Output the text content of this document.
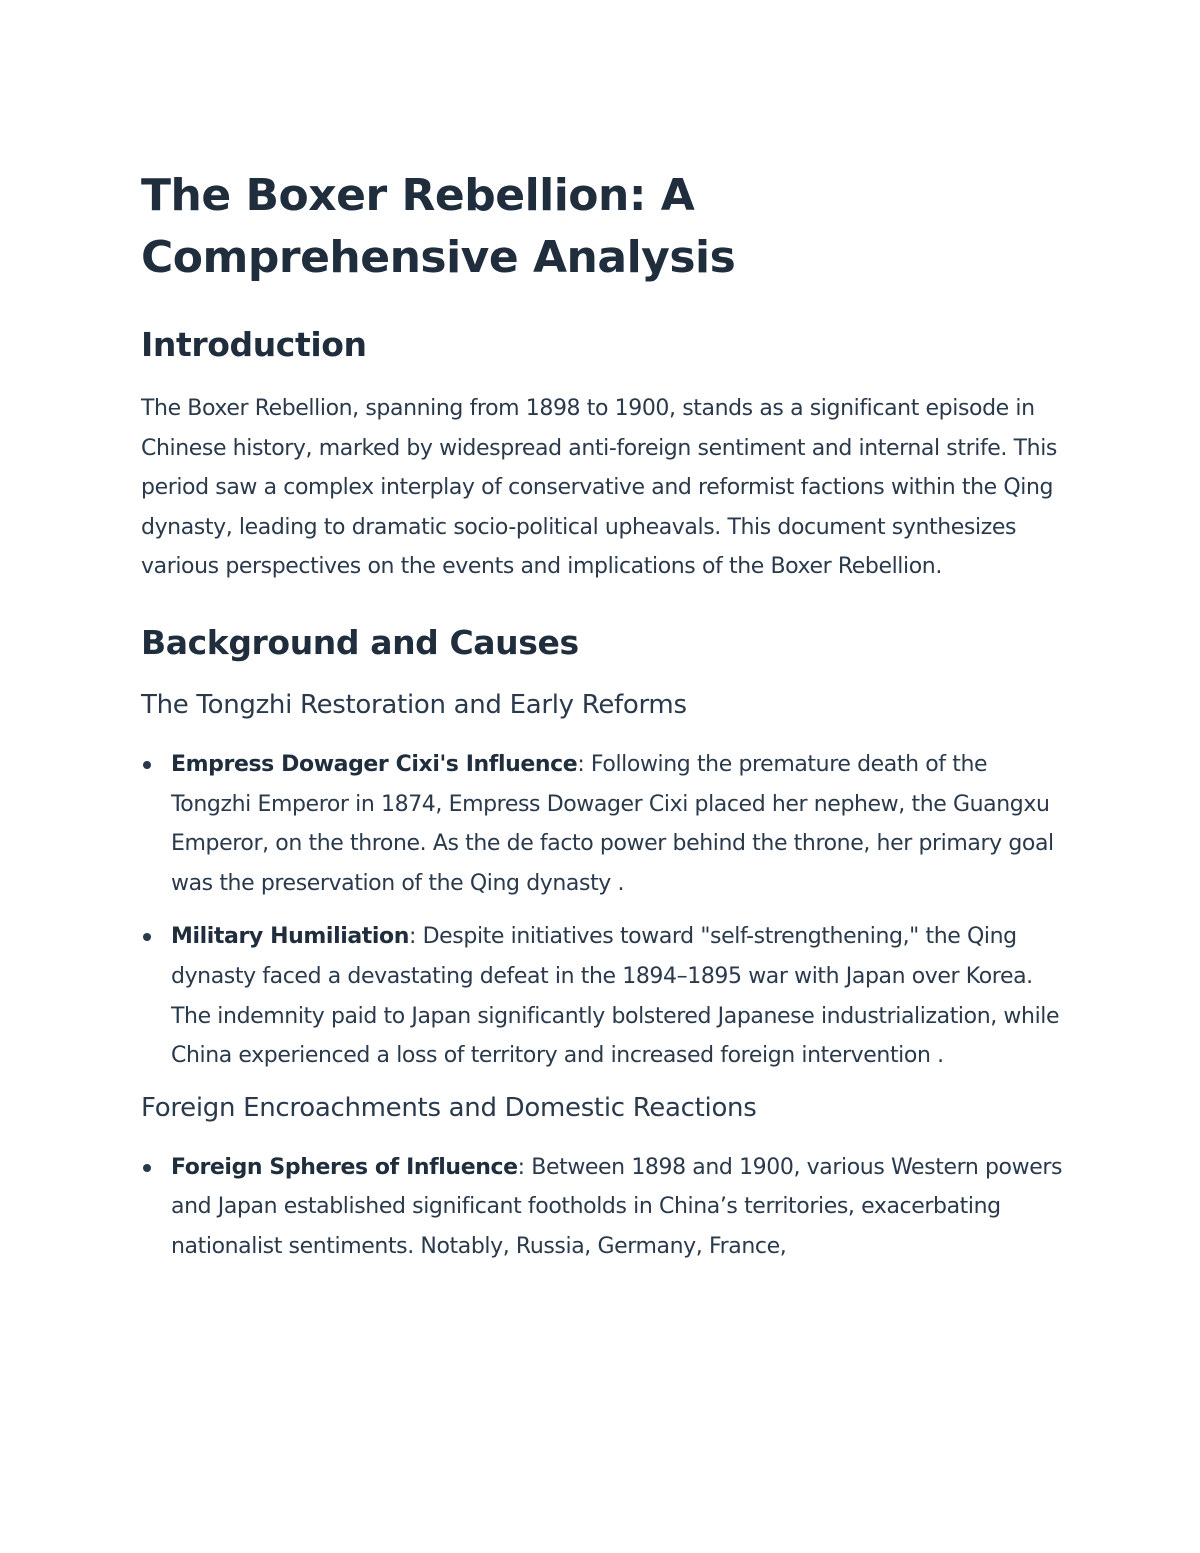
The Boxer Rebellion: A Comprehensive Analysis
Introduction

The Boxer Rebellion, spanning from 1898 to 1900, stands as a significant episode in Chinese history, marked by widespread anti-foreign sentiment and internal strife. This period saw a complex interplay of conservative and reformist factions within the Qing dynasty, leading to dramatic socio-political upheavals. This document synthesizes various perspectives on the events and implications of the Boxer Rebellion.

Background and Causes
The Tongzhi Restoration and Early Reforms
Empress Dowager Cixi's Influence: Following the premature death of the Tongzhi Emperor in 1874, Empress Dowager Cixi placed her nephew, the Guangxu Emperor, on the throne. As the de facto power behind the throne, her primary goal was the preservation of the Qing dynasty .
Military Humiliation: Despite initiatives toward "self-strengthening," the Qing dynasty faced a devastating defeat in the 1894–1895 war with Japan over Korea. The indemnity paid to Japan significantly bolstered Japanese industrialization, while China experienced a loss of territory and increased foreign intervention .
Foreign Encroachments and Domestic Reactions
Foreign Spheres of Influence: Between 1898 and 1900, various Western powers and Japan established significant footholds in China’s territories, exacerbating nationalist sentiments. Notably, Russia, Germany, France,
